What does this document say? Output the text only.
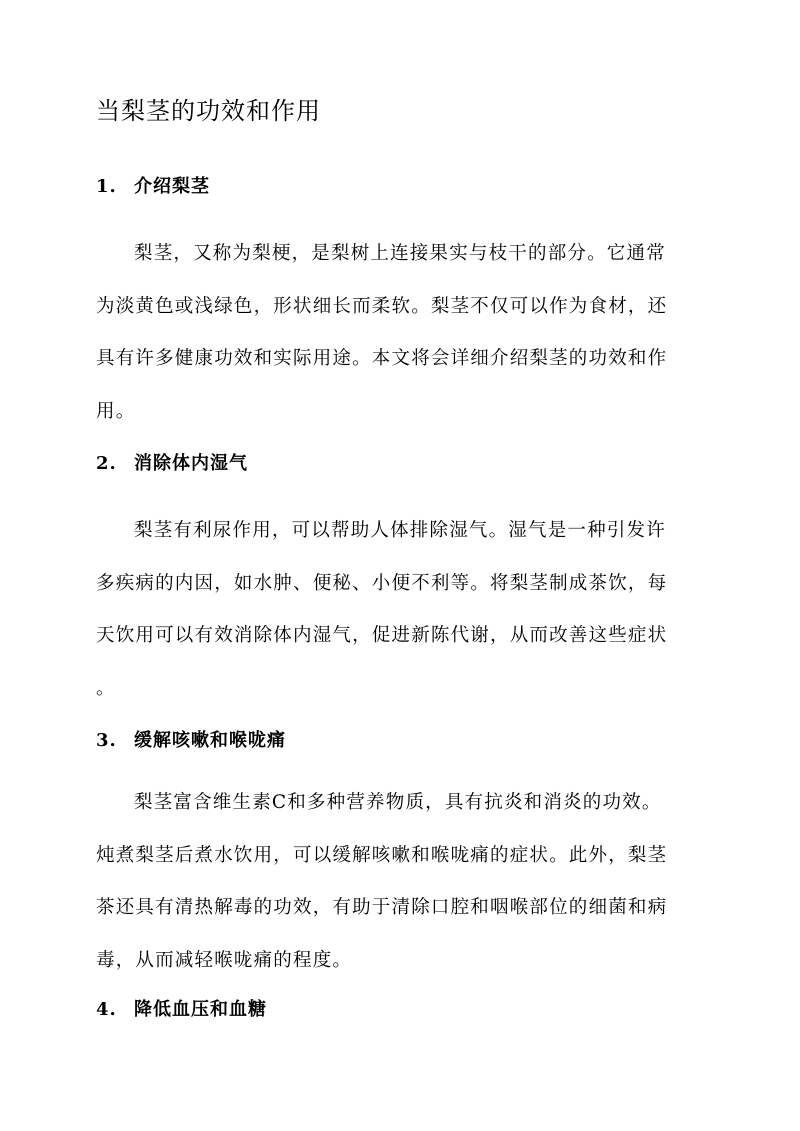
当梨茎的功效和作用
1. 介绍梨茎
梨茎，又称为梨梗，是梨树上连接果实与枝干的部分。它通常
为淡黄色或浅绿色，形状细长而柔软。梨茎不仅可以作为食材，还
具有许多健康功效和实际用途。本文将会详细介绍梨茎的功效和作
用。
2. 消除体内湿气
梨茎有利尿作用，可以帮助人体排除湿气。湿气是一种引发许
多疾病的内因，如水肿、便秘、小便不利等。将梨茎制成茶饮，每
天饮用可以有效消除体内湿气，促进新陈代谢，从而改善这些症状
。
3. 缓解咳嗽和喉咙痛
梨茎富含维生素C和多种营养物质，具有抗炎和消炎的功效。
炖煮梨茎后煮水饮用，可以缓解咳嗽和喉咙痛的症状。此外，梨茎
茶还具有清热解毒的功效，有助于清除口腔和咽喉部位的细菌和病
毒，从而减轻喉咙痛的程度。
4. 降低血压和血糖
